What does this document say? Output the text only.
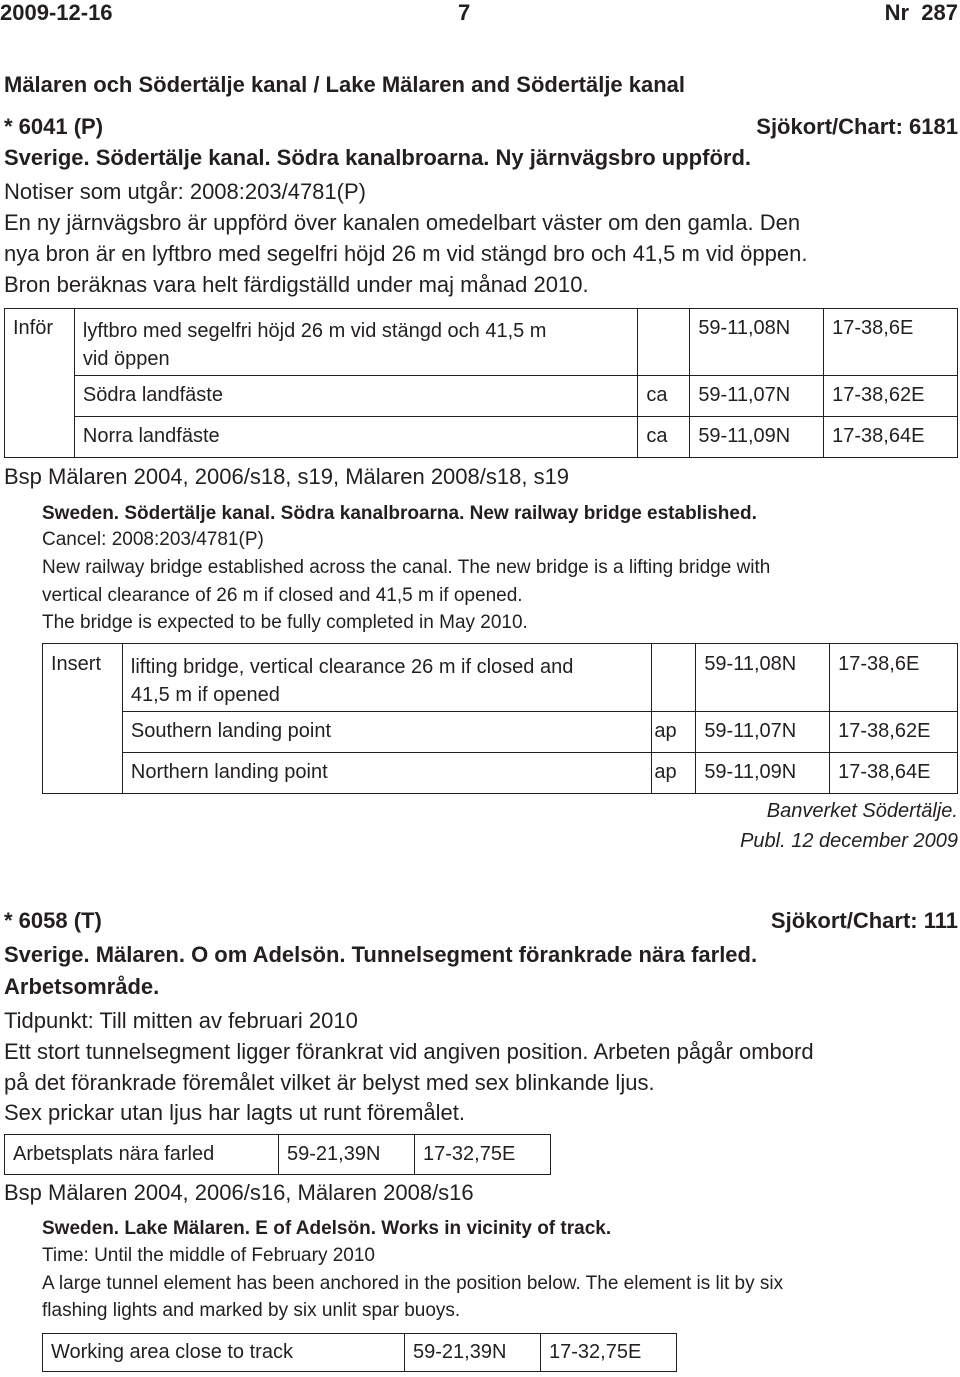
2009-12-16	7	Nr  287
Mälaren och Södertälje kanal / Lake Mälaren and Södertälje kanal
* 6041 (P)	Sjökort/Chart: 6181
Sverige. Södertälje kanal. Södra kanalbroarna. Ny järnvägsbro uppförd.
Notiser som utgår: 2008:203/4781(P)
En ny järnvägsbro är uppförd över kanalen omedelbart väster om den gamla. Den
nya bron är en lyftbro med segelfri höjd 26 m vid stängd bro och 41,5 m vid öppen.
Bron beräknas vara helt färdigställd under maj månad 2010.
Inför	lyftbro med segelfri höjd 26 m vid stängd och 41,5 m
vid öppen		59-11,08N	17-38,6E

	Södra landfäste	ca	59-11,07N	17-38,62E

	Norra landfäste	ca	59-11,09N	17-38,64E
Bsp Mälaren 2004, 2006/s18, s19, Mälaren 2008/s18, s19
Sweden. Södertälje kanal. Södra kanalbroarna. New railway bridge established.
Cancel: 2008:203/4781(P)
New railway bridge established across the canal. The new bridge is a lifting bridge with
vertical clearance of 26 m if closed and 41,5 m if opened.
The bridge is expected to be fully completed in May 2010.
Insert	lifting bridge, vertical clearance 26 m if closed and
41,5 m if opened		59-11,08N	17-38,6E

	Southern landing point	ap	59-11,07N	17-38,62E

	Northern landing point	ap	59-11,09N	17-38,64E
Banverket Södertälje.
Publ. 12 december 2009
* 6058 (T)	Sjökort/Chart: 111
Sverige. Mälaren. O om Adelsön. Tunnelsegment förankrade nära farled.
Arbetsområde.
Tidpunkt: Till mitten av februari 2010
Ett stort tunnelsegment ligger förankrat vid angiven position. Arbeten pågår ombord
på det förankrade föremålet vilket är belyst med sex blinkande ljus.
Sex prickar utan ljus har lagts ut runt föremålet.
Arbetsplats nära farled	59-21,39N	17-32,75E
Bsp Mälaren 2004, 2006/s16, Mälaren 2008/s16
Sweden. Lake Mälaren. E of Adelsön. Works in vicinity of track.
Time: Until the middle of February 2010
A large tunnel element has been anchored in the position below. The element is lit by six
flashing lights and marked by six unlit spar buoys.
Working area close to track	59-21,39N	17-32,75E
